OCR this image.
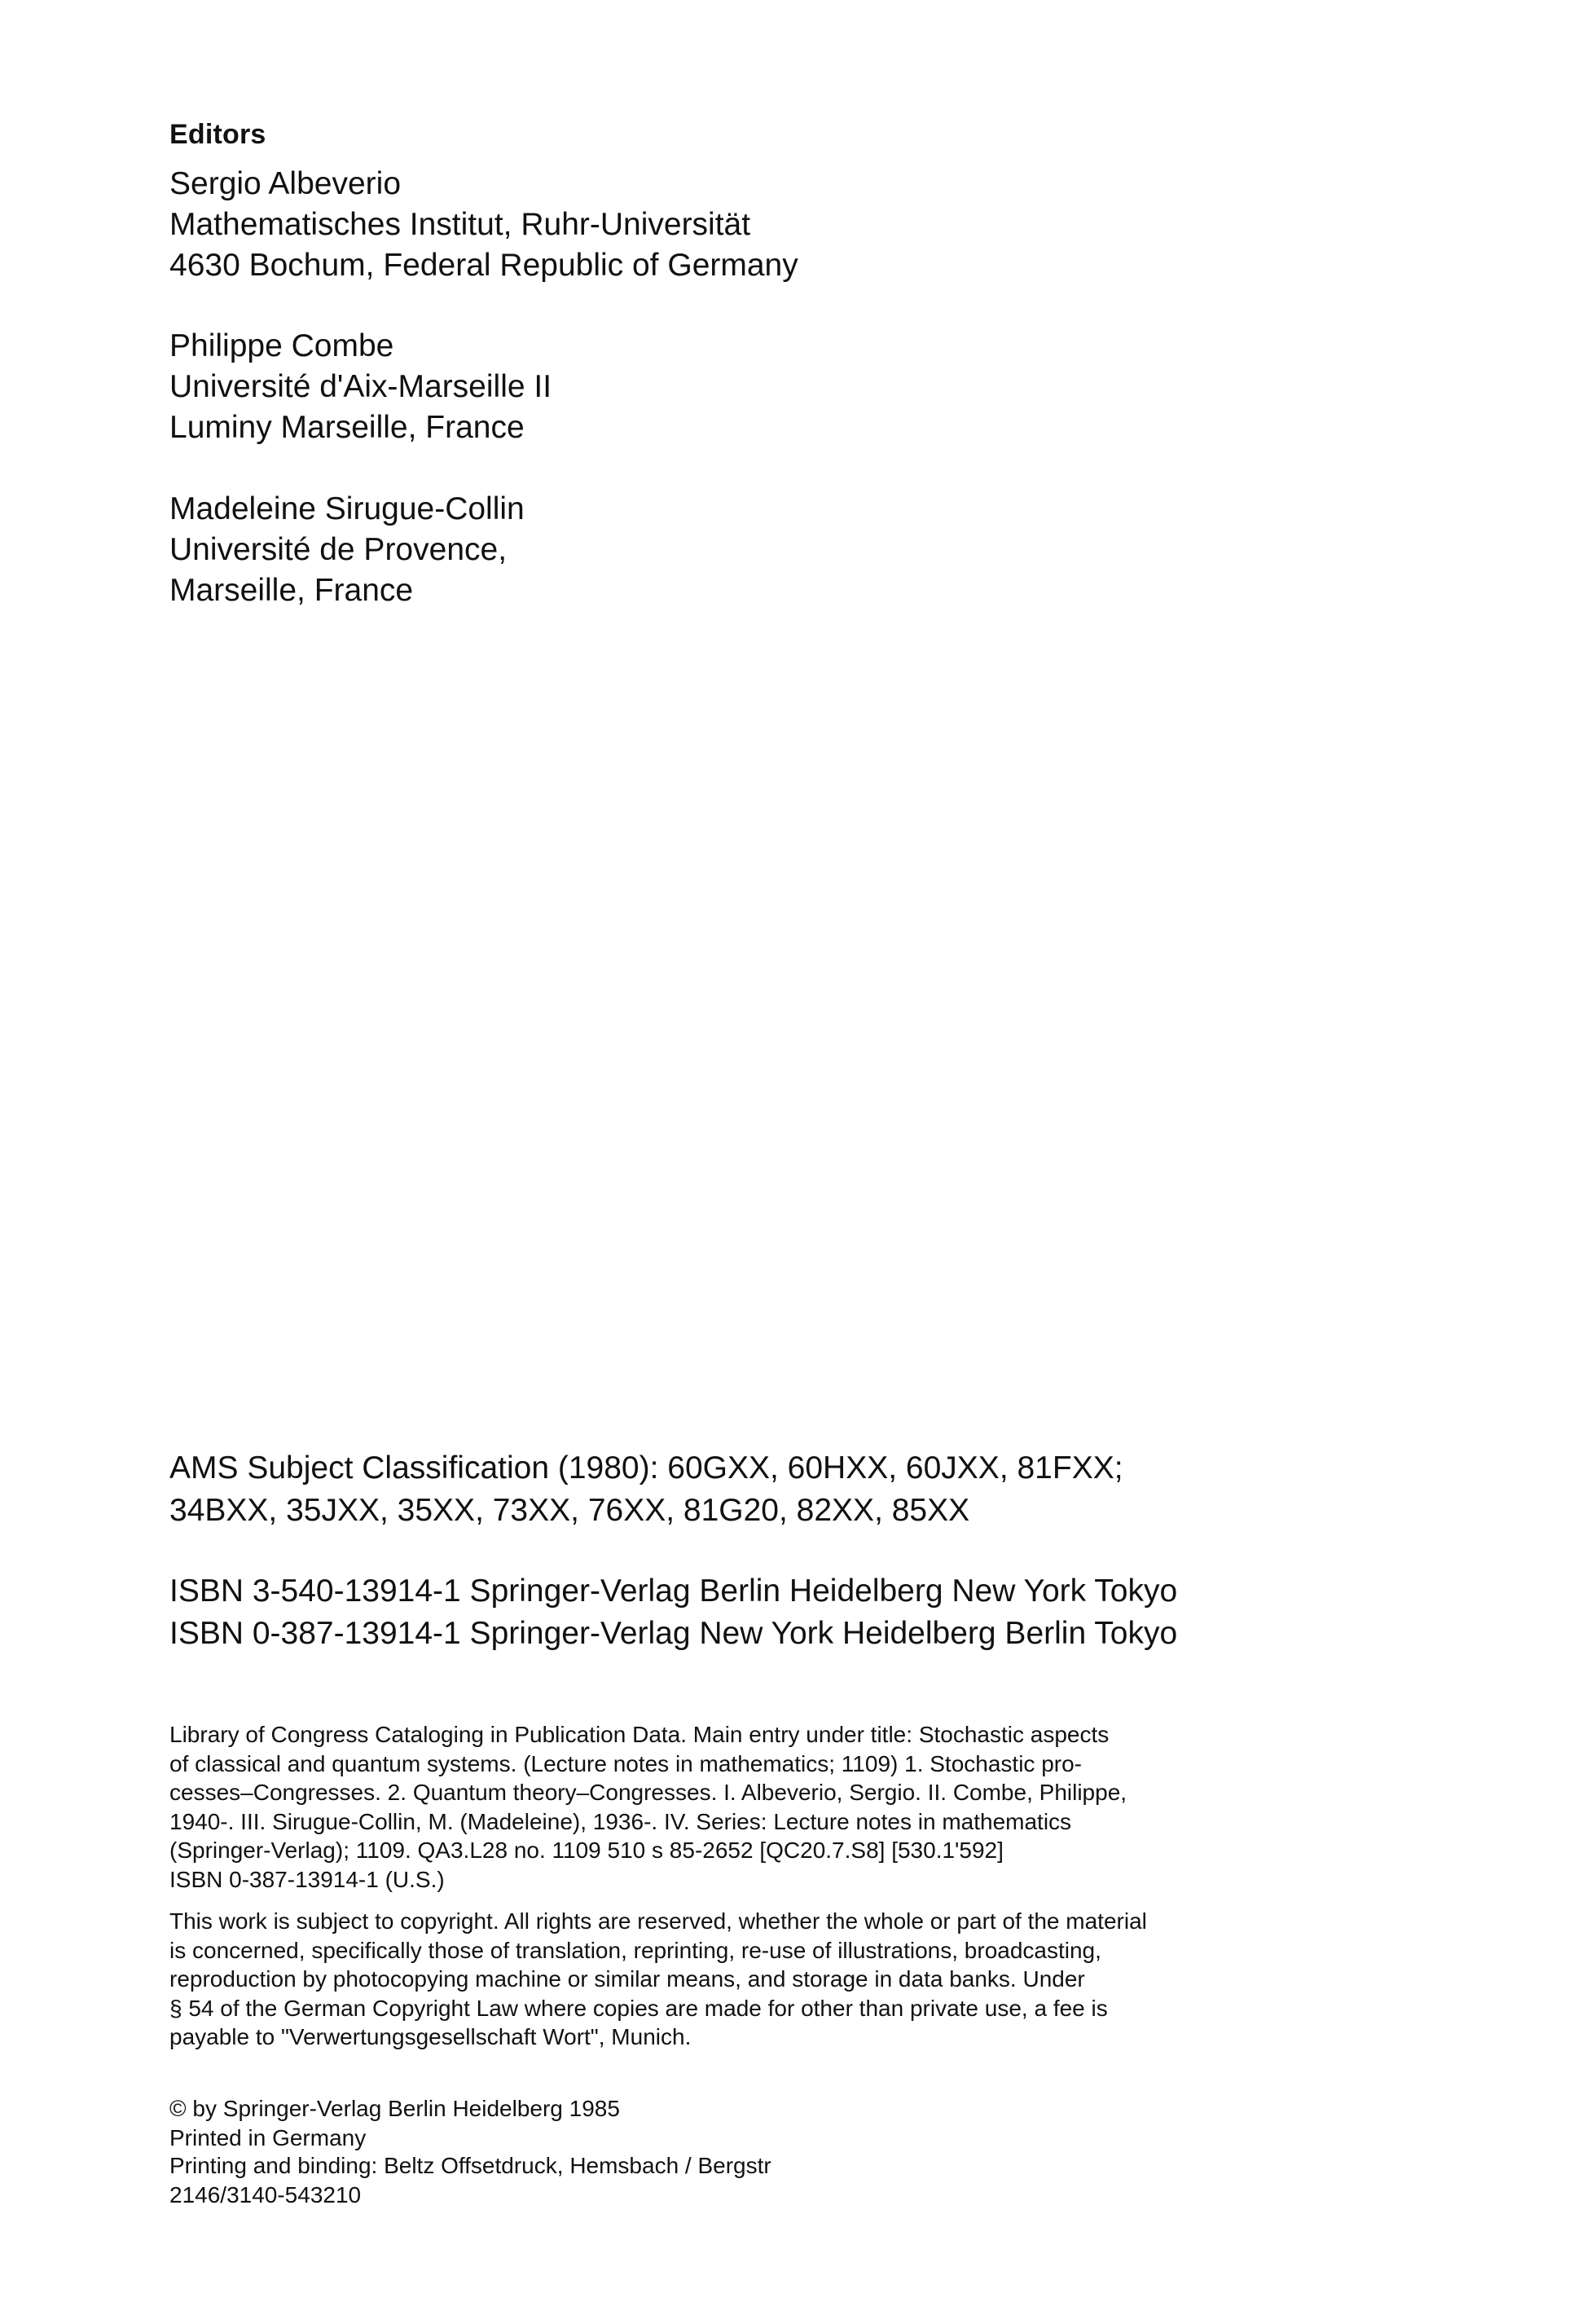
Editors
Sergio Albeverio
Mathematisches Institut, Ruhr-Universität
4630 Bochum, Federal Republic of Germany
Philippe Combe
Université d'Aix-Marseille II
Luminy Marseille, France
Madeleine Sirugue-Collin
Université de Provence,
Marseille, France
AMS Subject Classification (1980): 60GXX, 60HXX, 60JXX, 81FXX;
34BXX, 35JXX, 35XX, 73XX, 76XX, 81G20, 82XX, 85XX
ISBN 3-540-13914-1 Springer-Verlag Berlin Heidelberg New York Tokyo
ISBN 0-387-13914-1 Springer-Verlag New York Heidelberg Berlin Tokyo
Library of Congress Cataloging in Publication Data. Main entry under title: Stochastic aspects
of classical and quantum systems. (Lecture notes in mathematics; 1109) 1. Stochastic pro-
cesses–Congresses. 2. Quantum theory–Congresses. I. Albeverio, Sergio. II. Combe, Philippe,
1940-. III. Sirugue-Collin, M. (Madeleine), 1936-. IV. Series: Lecture notes in mathematics
(Springer-Verlag); 1109. QA3.L28 no. 1109 510 s 85-2652 [QC20.7.S8] [530.1'592]
ISBN 0-387-13914-1 (U.S.)
This work is subject to copyright. All rights are reserved, whether the whole or part of the material
is concerned, specifically those of translation, reprinting, re-use of illustrations, broadcasting,
reproduction by photocopying machine or similar means, and storage in data banks. Under
§ 54 of the German Copyright Law where copies are made for other than private use, a fee is
payable to "Verwertungsgesellschaft Wort", Munich.
© by Springer-Verlag Berlin Heidelberg 1985
Printed in Germany
Printing and binding: Beltz Offsetdruck, Hemsbach / Bergstr
2146/3140-543210
